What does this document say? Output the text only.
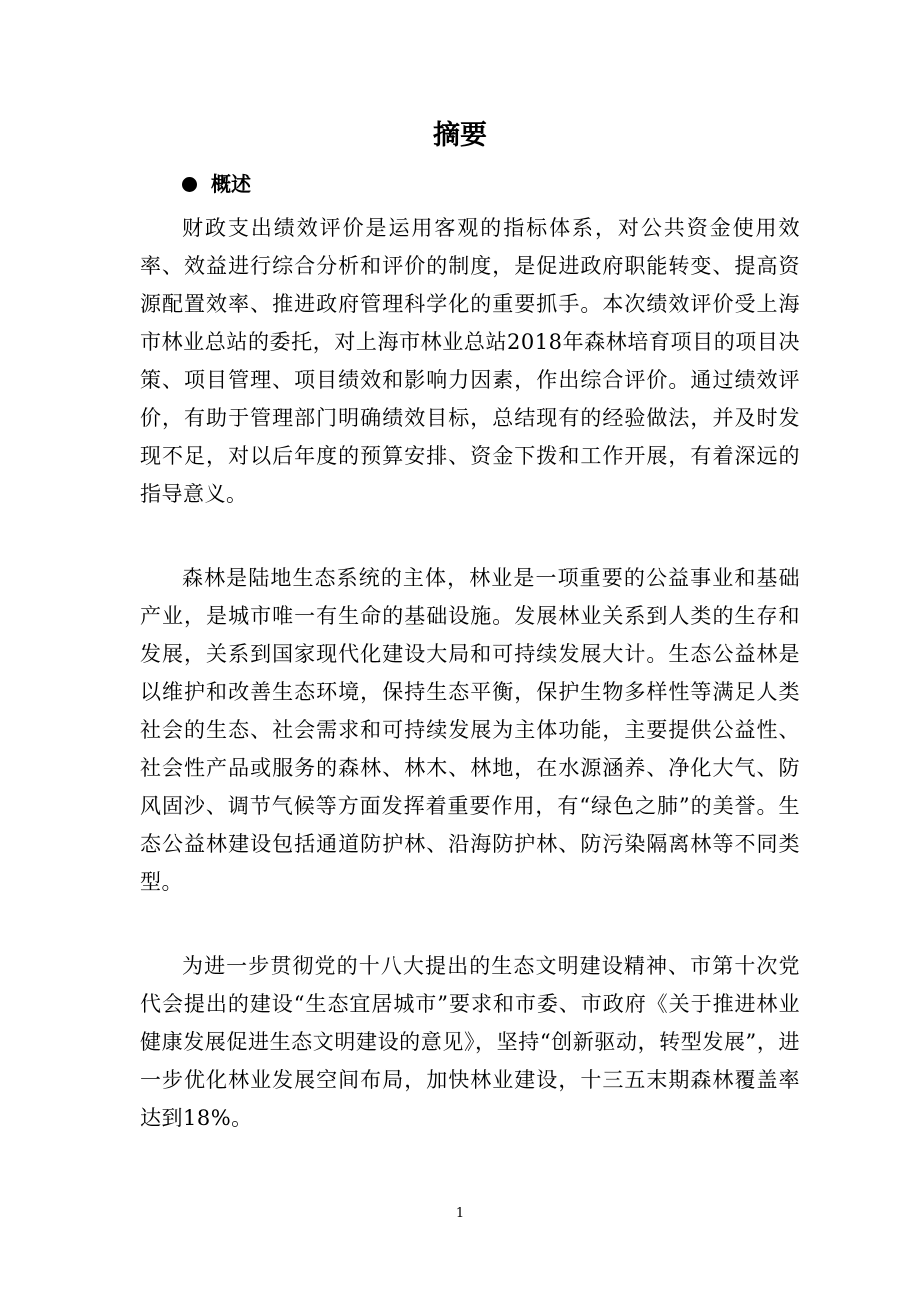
摘要
概述

财政支出绩效评价是运用客观的指标体系，对公共资金使用效率、效益进行综合分析和评价的制度，是促进政府职能转变、提高资源配置效率、推进政府管理科学化的重要抓手。本次绩效评价受上海市林业总站的委托，对上海市林业总站2018年森林培育项目的项目决策、项目管理、项目绩效和影响力因素，作出综合评价。通过绩效评价，有助于管理部门明确绩效目标，总结现有的经验做法，并及时发现不足，对以后年度的预算安排、资金下拨和工作开展，有着深远的指导意义。

森林是陆地生态系统的主体，林业是一项重要的公益事业和基础产业，是城市唯一有生命的基础设施。发展林业关系到人类的生存和发展，关系到国家现代化建设大局和可持续发展大计。生态公益林是以维护和改善生态环境，保持生态平衡，保护生物多样性等满足人类社会的生态、社会需求和可持续发展为主体功能，主要提供公益性、社会性产品或服务的森林、林木、林地，在水源涵养、净化大气、防风固沙、调节气候等方面发挥着重要作用，有“绿色之肺”的美誉。生态公益林建设包括通道防护林、沿海防护林、防污染隔离林等不同类型。

为进一步贯彻党的十八大提出的生态文明建设精神、市第十次党代会提出的建设“生态宜居城市”要求和市委、市政府《关于推进林业健康发展促进生态文明建设的意见》，坚持“创新驱动，转型发展”，进一步优化林业发展空间布局，加快林业建设，十三五末期森林覆盖率达到18%。

1
